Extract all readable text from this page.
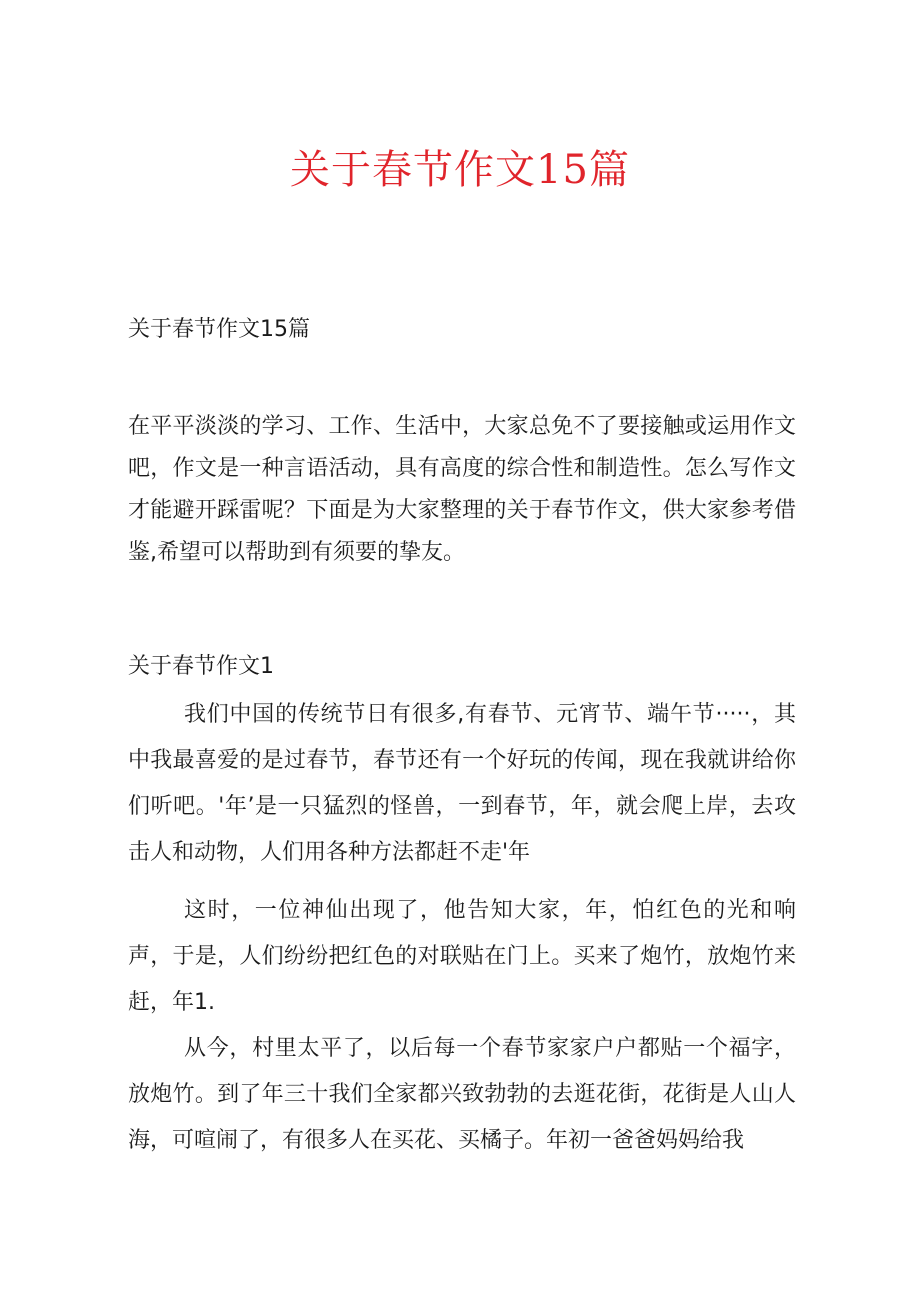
关于春节作文15篇

关于春节作文15篇

在平平淡淡的学习、工作、生活中，大家总免不了要接触或运用作文吧，作文是一种言语活动，具有高度的综合性和制造性。怎么写作文才能避开踩雷呢？下面是为大家整理的关于春节作文，供大家参考借鉴,希望可以帮助到有须要的挚友。

关于春节作文1

我们中国的传统节日有很多,有春节、元宵节、端午节·····，其中我最喜爱的是过春节，春节还有一个好玩的传闻，现在我就讲给你们听吧。'年’是一只猛烈的怪兽，一到春节，年，就会爬上岸，去攻击人和动物，人们用各种方法都赶不走'年

这时，一位神仙出现了，他告知大家，年，怕红色的光和响声，于是，人们纷纷把红色的对联贴在门上。买来了炮竹，放炮竹来赶，年1.

从今，村里太平了，以后每一个春节家家户户都贴一个福字，放炮竹。到了年三十我们全家都兴致勃勃的去逛花街，花街是人山人海，可喧闹了，有很多人在买花、买橘子。年初一爸爸妈妈给我
